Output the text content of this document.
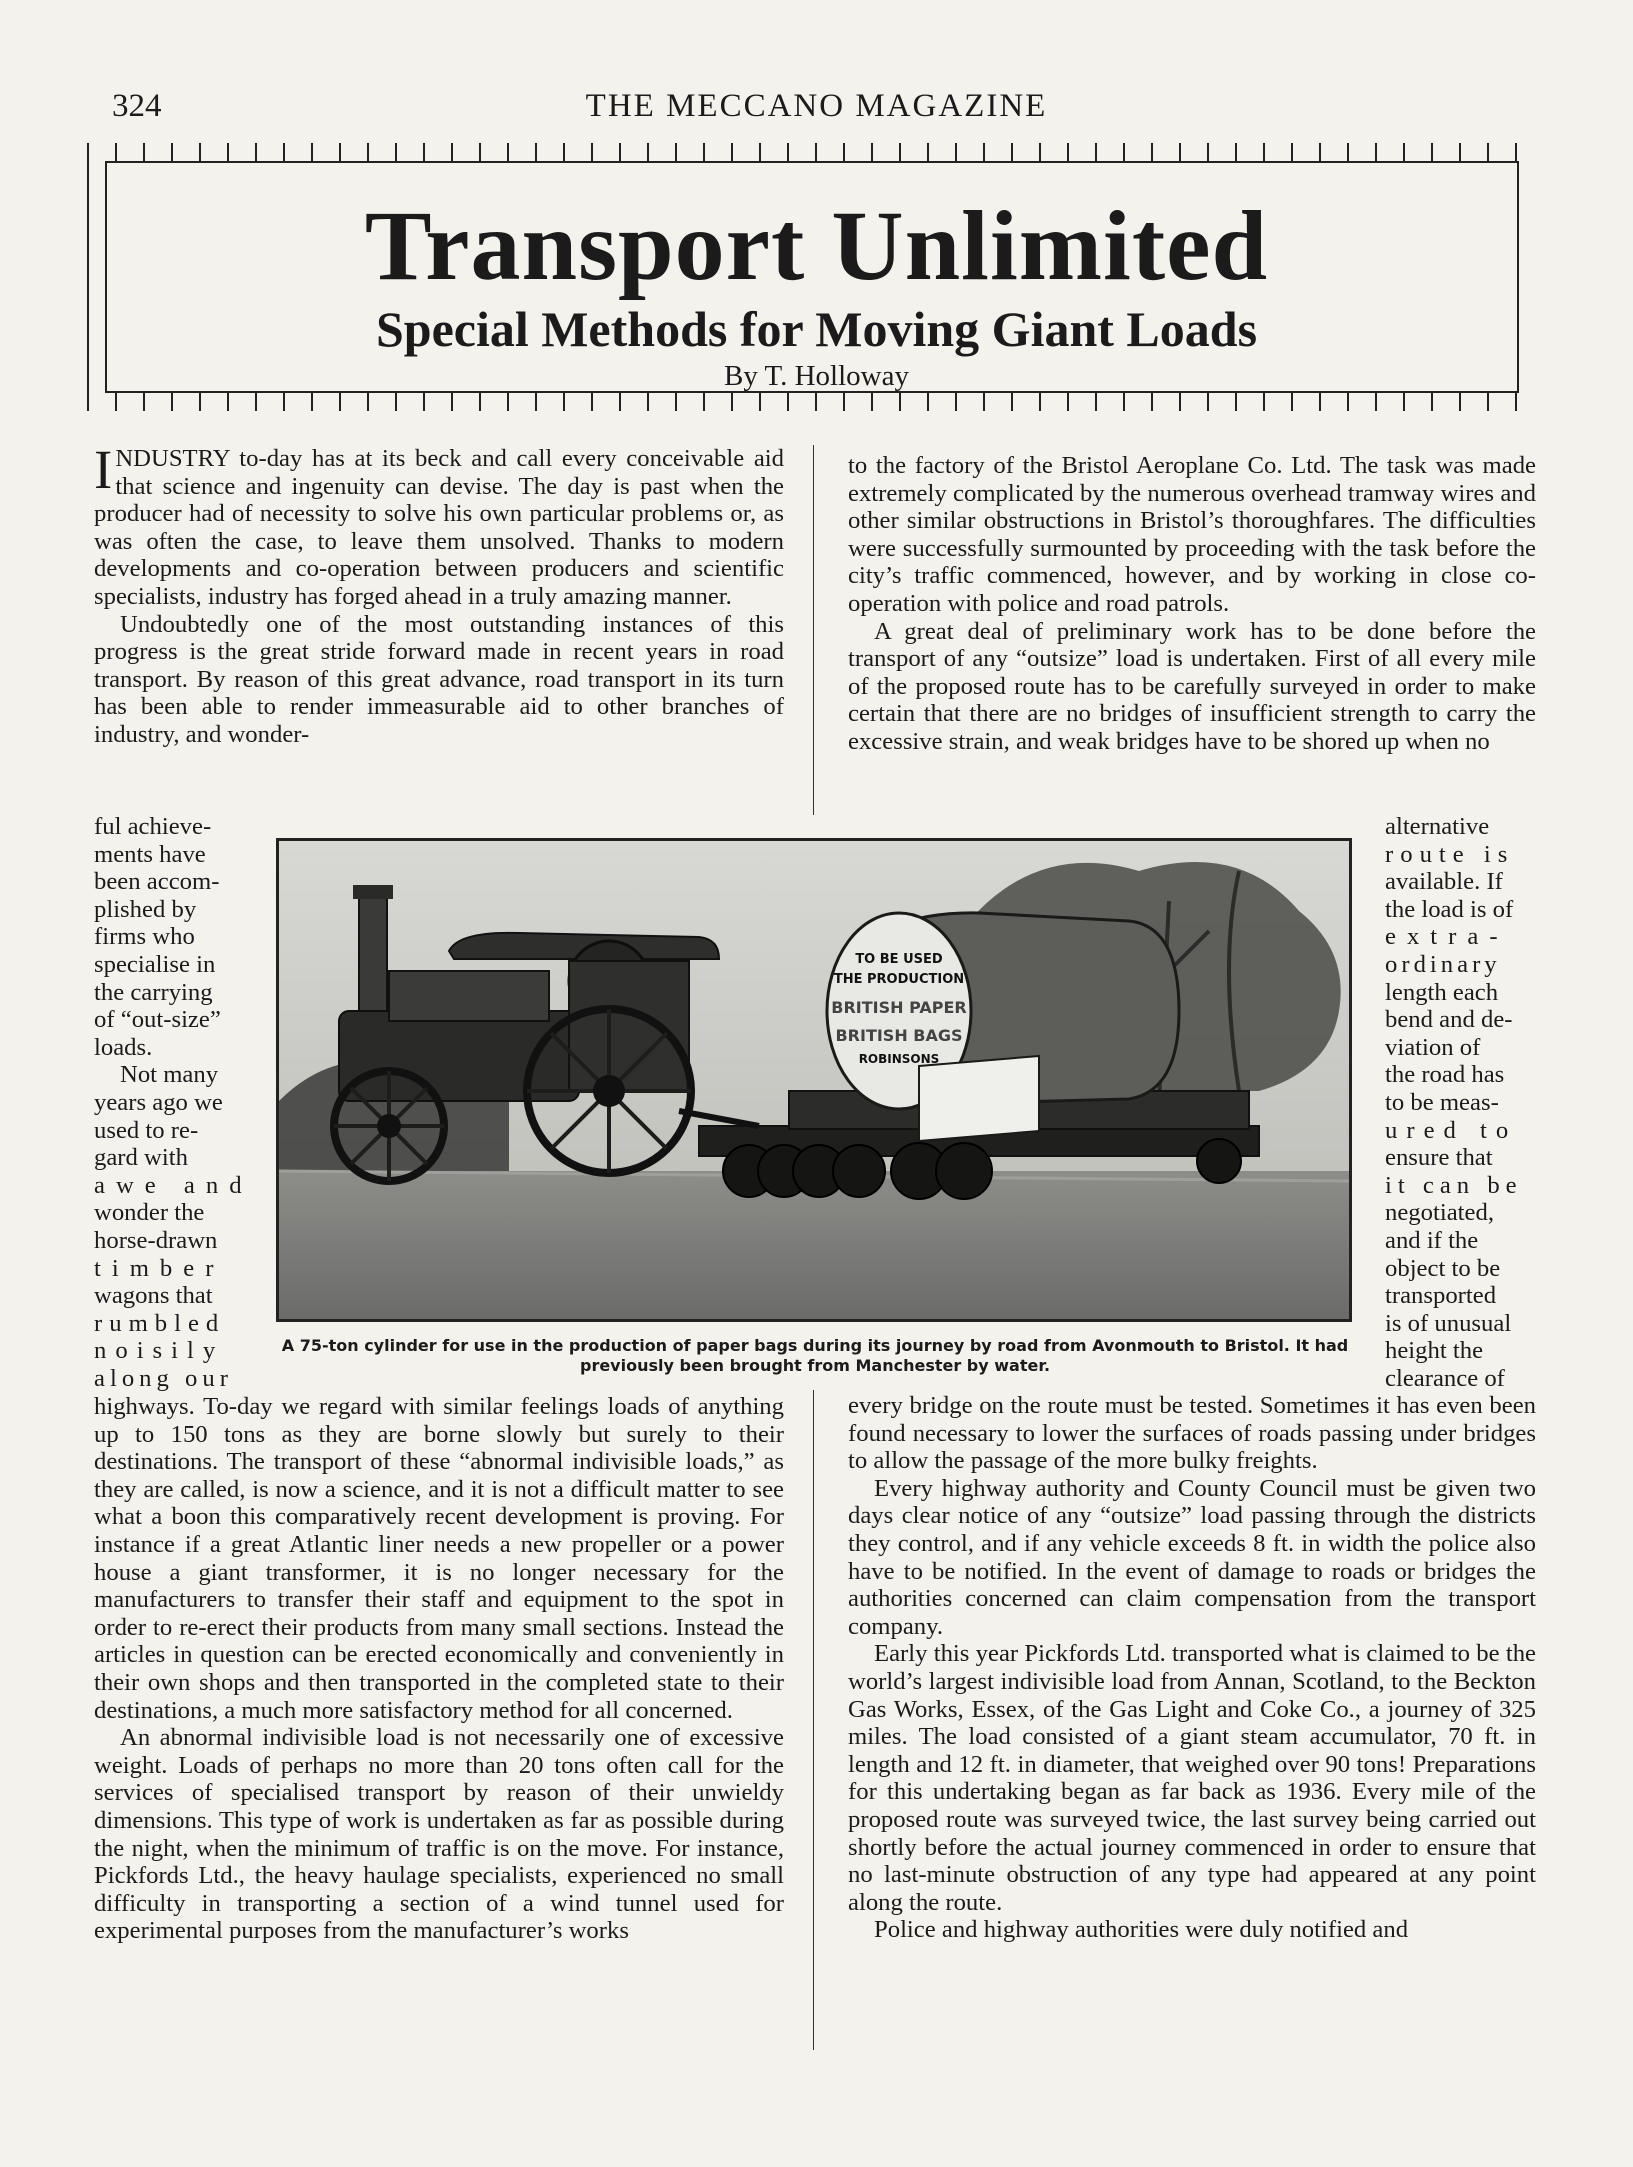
324	THE MECCANO MAGAZINE
Transport Unlimited
Special Methods for Moving Giant Loads
By T. Holloway

INDUSTRY to-day has at its beck and call every conceivable aid that science and ingenuity can devise. The day is past when the producer had of necessity to solve his own particular problems or, as was often the case, to leave them unsolved. Thanks to modern developments and co-operation between producers and scientific specialists, industry has forged ahead in a truly amazing manner.

Undoubtedly one of the most outstanding instances of this progress is the great stride forward made in recent years in road transport. By reason of this great advance, road transport in its turn has been able to render immeasurable aid to other branches of industry, and wonder-

to the factory of the Bristol Aeroplane Co. Ltd. The task was made extremely complicated by the numerous overhead tramway wires and other similar obstructions in Bristol’s thoroughfares. The difficulties were successfully surmounted by proceeding with the task before the city’s traffic commenced, however, and by working in close co-operation with police and road patrols.

A great deal of preliminary work has to be done before the transport of any “outsize” load is undertaken. First of all every mile of the proposed route has to be carefully surveyed in order to make certain that there are no bridges of insufficient strength to carry the excessive strain, and weak bridges have to be shored up when no

ful achieve-
ments have
been accom-
plished by
firms who
specialise in
the carrying
of “out-size”
loads.
Not many
years ago we
used to re-
gard with
awe and
wonder the
horse-drawn
timber
wagons that
rumbled
noisily
along our
alternative
route is
available. If
the load is of
extra-
ordinary
length each
bend and de-
viation of
the road has
to be meas-
ured to
ensure that
it can be
negotiated,
and if the
object to be
transported
is of unusual
height the
clearance of
TO BE USED
THE PRODUCTION
BRITISH PAPER
BRITISH BAGS
ROBINSONS
A 75-ton cylinder for use in the production of paper bags during its journey by road from Avonmouth to Bristol. It had previously been brought from Manchester by water.

highways. To-day we regard with similar feelings loads of anything up to 150 tons as they are borne slowly but surely to their destinations. The transport of these “abnormal indivisible loads,” as they are called, is now a science, and it is not a difficult matter to see what a boon this comparatively recent development is proving. For instance if a great Atlantic liner needs a new propeller or a power house a giant transformer, it is no longer necessary for the manufacturers to transfer their staff and equipment to the spot in order to re-erect their products from many small sections. Instead the articles in question can be erected economically and conveniently in their own shops and then transported in the completed state to their destinations, a much more satisfactory method for all concerned.

An abnormal indivisible load is not necessarily one of excessive weight. Loads of perhaps no more than 20 tons often call for the services of specialised transport by reason of their unwieldy dimensions. This type of work is undertaken as far as possible during the night, when the minimum of traffic is on the move. For instance, Pickfords Ltd., the heavy haulage specialists, experienced no small difficulty in transporting a section of a wind tunnel used for experimental purposes from the manufacturer’s works

every bridge on the route must be tested. Sometimes it has even been found necessary to lower the surfaces of roads passing under bridges to allow the passage of the more bulky freights.

Every highway authority and County Council must be given two days clear notice of any “outsize” load passing through the districts they control, and if any vehicle exceeds 8 ft. in width the police also have to be notified. In the event of damage to roads or bridges the authorities concerned can claim compensation from the transport company.

Early this year Pickfords Ltd. transported what is claimed to be the world’s largest indivisible load from Annan, Scotland, to the Beckton Gas Works, Essex, of the Gas Light and Coke Co., a journey of 325 miles. The load consisted of a giant steam accumulator, 70 ft. in length and 12 ft. in diameter, that weighed over 90 tons! Preparations for this undertaking began as far back as 1936. Every mile of the proposed route was surveyed twice, the last survey being carried out shortly before the actual journey commenced in order to ensure that no last-minute obstruction of any type had appeared at any point along the route.

Police and highway authorities were duly notified and
